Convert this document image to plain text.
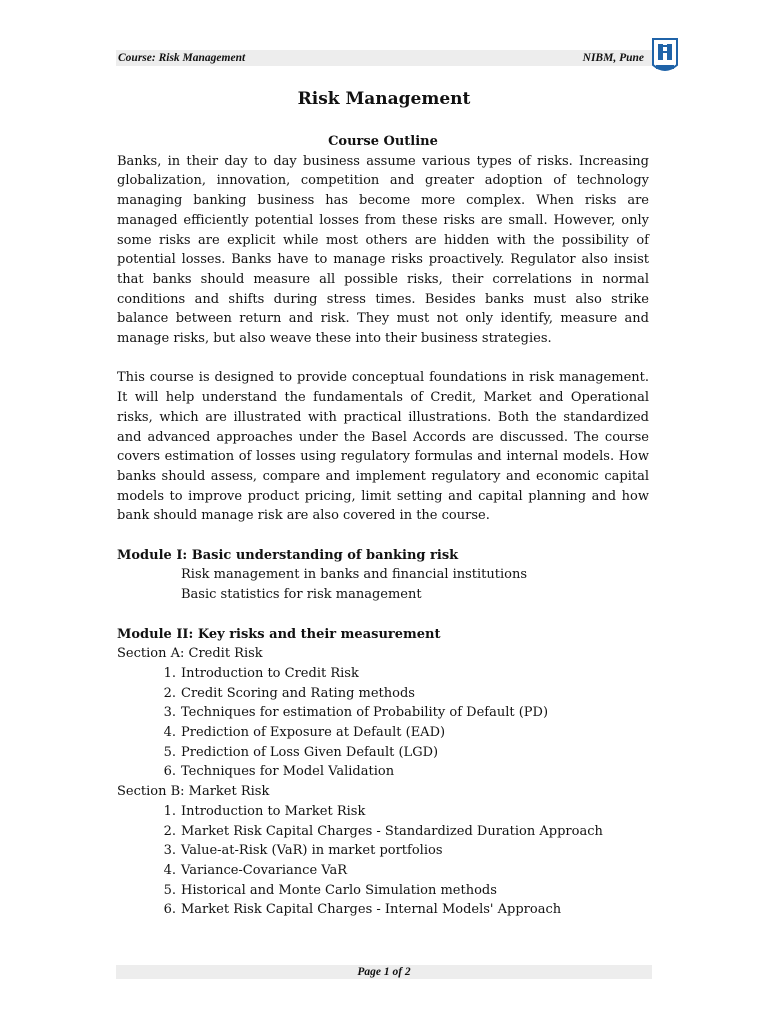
Course: Risk Management	NIBM, Pune
Risk Management
Course Outline

Banks, in their day to day business assume various types of risks. Increasing globalization, innovation, competition and greater adoption of technology managing banking business has become more complex. When risks are managed efficiently potential losses from these risks are small. However, only some risks are explicit while most others are hidden with the possibility of potential losses. Banks have to manage risks proactively. Regulator also insist that banks should measure all possible risks, their correlations in normal conditions and shifts during stress times. Besides banks must also strike balance between return and risk. They must not only identify, measure and manage risks, but also weave these into their business strategies.

This course is designed to provide conceptual foundations in risk management. It will help understand the fundamentals of Credit, Market and Operational risks, which are illustrated with practical illustrations. Both the standardized and advanced approaches under the Basel Accords are discussed. The course covers estimation of losses using regulatory formulas and internal models. How banks should assess, compare and implement regulatory and economic capital models to improve product pricing, limit setting and capital planning and how bank should manage risk are also covered in the course.

Module I: Basic understanding of banking risk
Risk management in banks and financial institutions
Basic statistics for risk management
Module II: Key risks and their measurement
Section A: Credit Risk
1. Introduction to Credit Risk
2. Credit Scoring and Rating methods
3. Techniques for estimation of Probability of Default (PD)
4. Prediction of Exposure at Default (EAD)
5. Prediction of Loss Given Default (LGD)
6. Techniques for Model Validation
Section B: Market Risk
1. Introduction to Market Risk
2. Market Risk Capital Charges - Standardized Duration Approach
3. Value-at-Risk (VaR) in market portfolios
4. Variance-Covariance VaR
5. Historical and Monte Carlo Simulation methods
6. Market Risk Capital Charges - Internal Models' Approach
Page 1 of 2
